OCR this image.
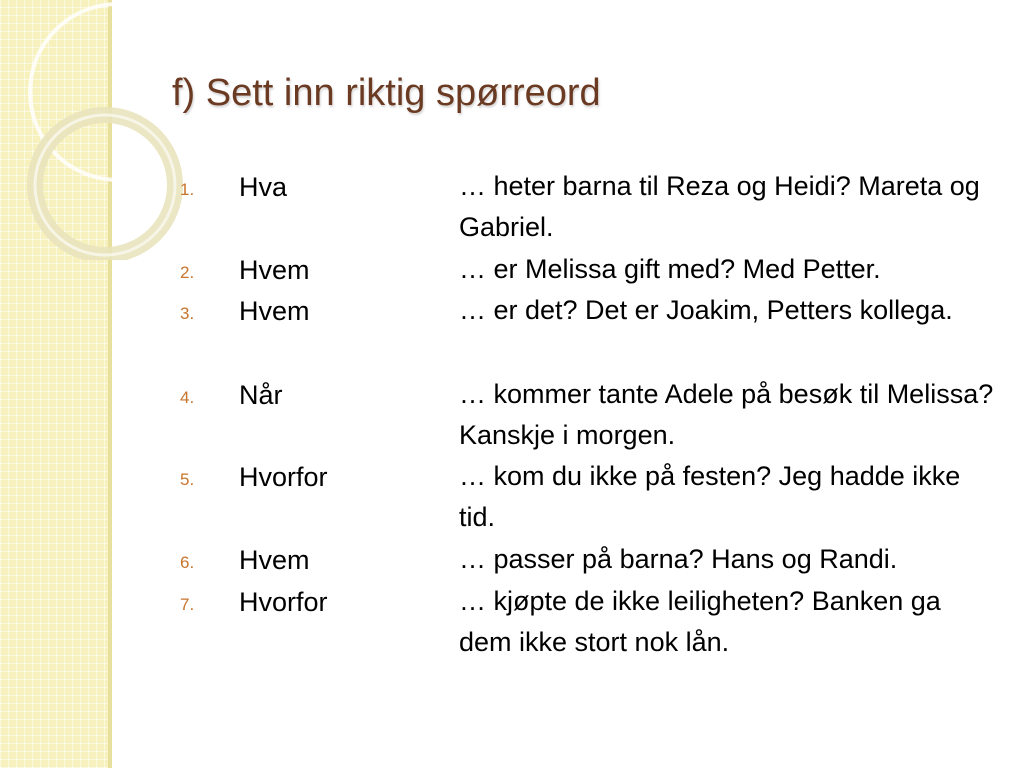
f) Sett inn riktig spørreord
1.	Hva	… heter barna til Reza og Heidi? Mareta og Gabriel.
2.	Hvem	… er Melissa gift med? Med Petter.
3.	Hvem	… er det? Det er Joakim, Petters kollega.
4.	Når	… kommer tante Adele på besøk til Melissa? Kanskje i morgen.
5.	Hvorfor	… kom du ikke på festen? Jeg hadde ikke tid.
6.	Hvem	… passer på barna? Hans og Randi.
7.	Hvorfor	… kjøpte de ikke leiligheten? Banken ga dem ikke stort nok lån.
